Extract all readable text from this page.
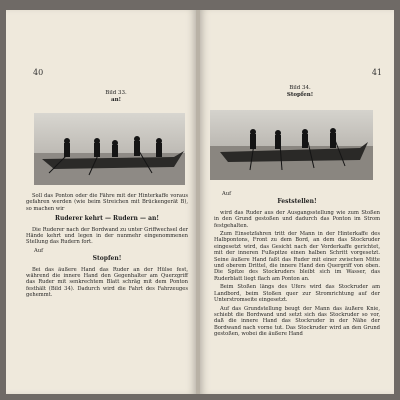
40
Bild 33.
an!

Soll das Ponton oder die Fähre mit der Hinterkaffe voraus gefahren werden (wie beim Streichen mit Brückengerät B), so machen wir

Ruderer kehrt — Rudern — an!

Die Ruderer nach der Bordwand zu unter Griffwechsel der Hände kehrt und legen in der nunmehr eingenommenen Stellung das Rudern fort.

Auf
Stopfen!

Bei das äußere Hand das Ruder an der Hülse fest, während die innere Hand den Gegenhalter am Querzgriff das Ruder mit senkrechtem Blatt schräg mit dem Ponton festhält (Bild 34). Dadurch wird die Fahrt des Fahrzeuges gehemmt.

41
Bild 34.
Stopfen!
Auf
Feststellen!

wird das Ruder aus der Ausgangsstellung wie zum Stoßen in den Grund gestoßen und dadurch das Ponton im Strom festgehalten.

Zum Einsetzfahren tritt der Mann in der Hinterkaffe des Halbpontons, Front zu dem Bord, an dem das Stockruder eingesetzt wird, das Gesicht nach der Vorderkaffe gerichtet, mit der inneren Fußspitze einen halben Schritt vorgesetzt. Seine äußere Hand faßt das Ruder mit einer zwischen Mitte und oberem Drittel, die innere Hand den Quergriff von oben. Die Spitze des Stockruders bleibt sich im Wasser, das Ruderblatt liegt flach am Ponton an.

Beim Stoßen längs des Ufers wird das Stockruder am Landbord, beim Stoßen quer zur Stromrichtung auf der Unterstromseite eingesetzt.

Auf das Grundstellung beugt der Mann das äußere Knie, schiebt die Bordwand und setzt sich das Stockruder so vor, daß die innere Hand das Stockruder in der Nähe der Bordwand nach vorne tut. Das Stockruder wird an den Grund gestoßen, wobei die äußere Hand
